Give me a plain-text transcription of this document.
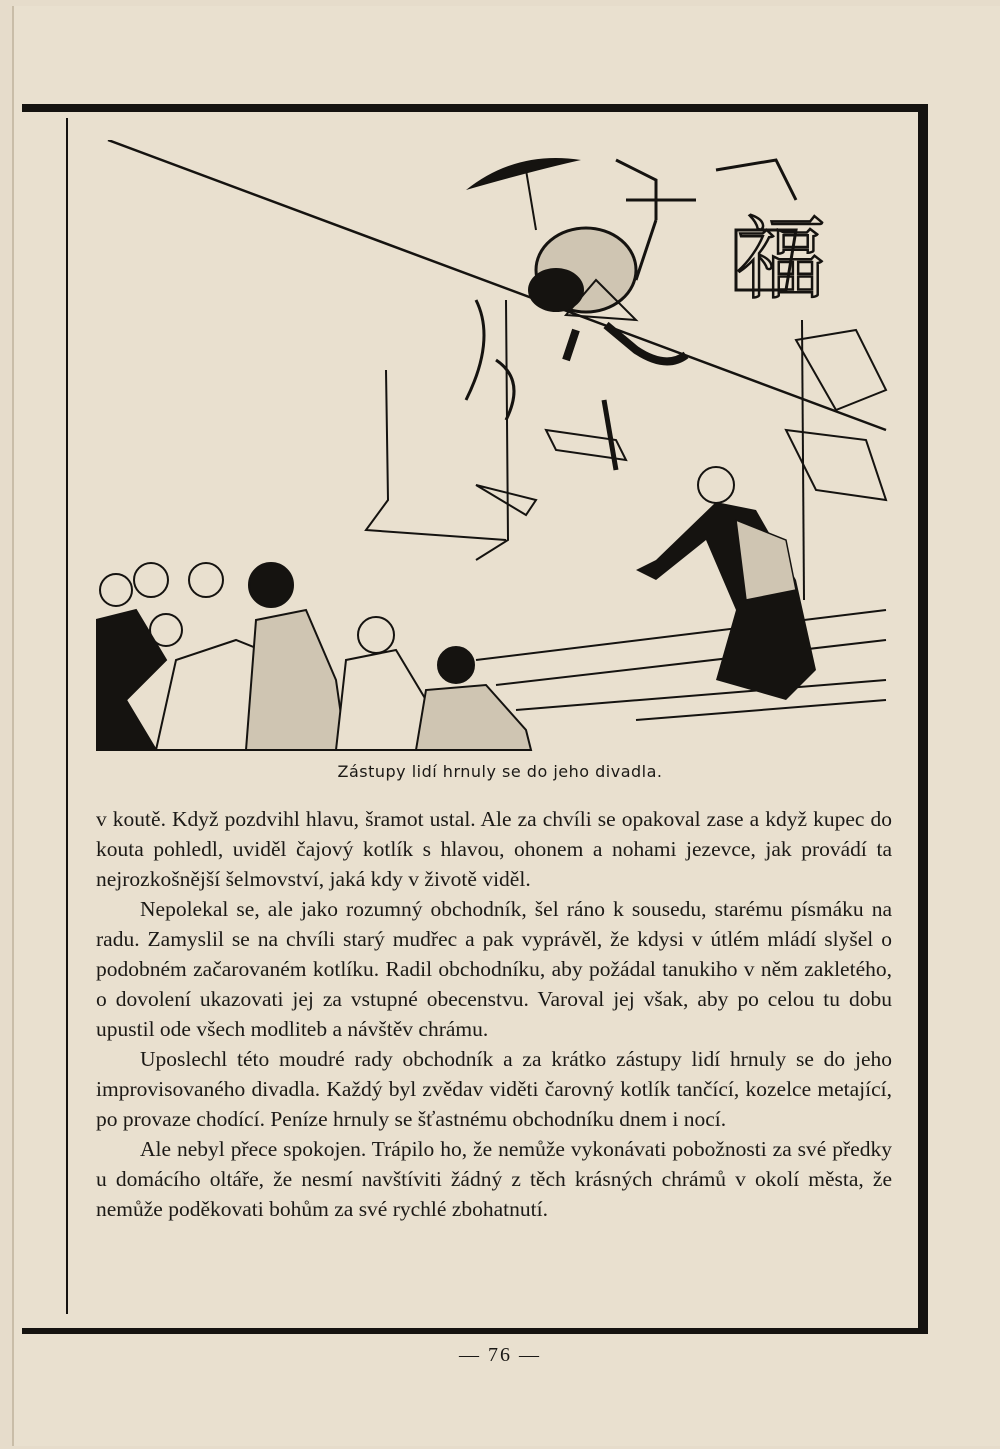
福
Zástupy lidí hrnuly se do jeho divadla.

v koutě. Když pozdvihl hlavu, šramot ustal. Ale za chvíli se opakoval zase a když kupec do kouta pohledl, uviděl čajový kotlík s hlavou, ohonem a nohami jezevce, jak provádí ta nejrozkošnější šelmovství, jaká kdy v životě viděl.

Nepolekal se, ale jako rozumný obchodník, šel ráno k sousedu, starému písmáku na radu. Zamyslil se na chvíli starý mudřec a pak vyprávěl, že kdysi v útlém mládí slyšel o podobném začarovaném kotlíku. Radil obchodníku, aby požádal tanukiho v něm zakletého, o dovolení ukazovati jej za vstupné obecenstvu. Varoval jej však, aby po celou tu dobu upustil ode všech modliteb a návštěv chrámu.

Uposlechl této moudré rady obchodník a za krátko zástupy lidí hrnuly se do jeho improvisovaného divadla. Každý byl zvědav viděti čarovný kotlík tančící, kozelce metající, po provaze chodící. Peníze hrnuly se šťastnému obchodníku dnem i nocí.

Ale nebyl přece spokojen. Trápilo ho, že nemůže vykonávati pobožnosti za své předky u domácího oltáře, že nesmí navštíviti žádný z těch krásných chrámů v okolí města, že nemůže poděkovati bohům za své rychlé zbohatnutí.

— 76 —
